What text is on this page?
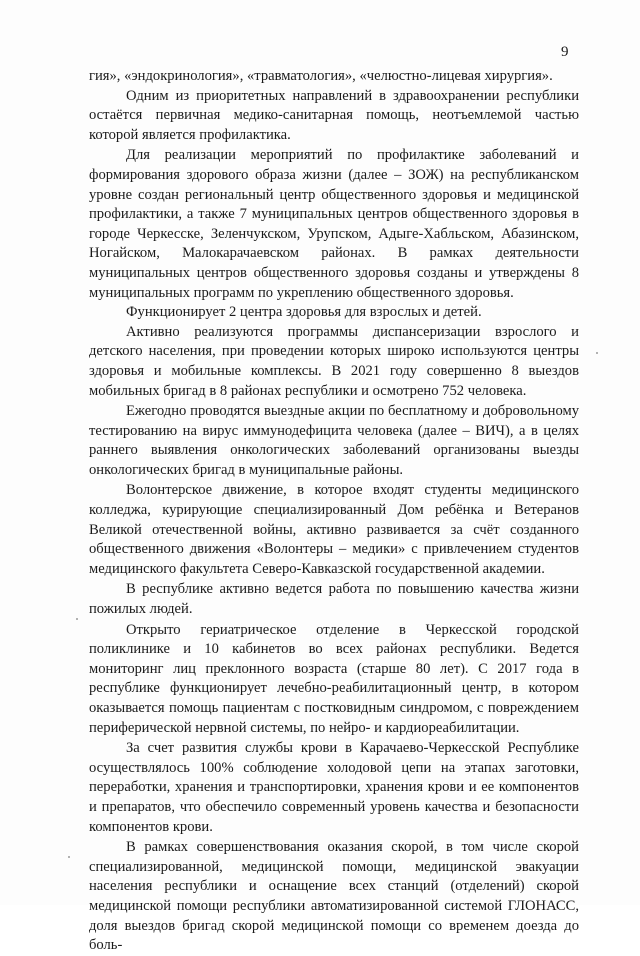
9

гия», «эндокринология», «травматология», «челюстно-лицевая хирургия».

Одним из приоритетных направлений в здравоохранении республики остаётся первичная медико-санитарная помощь, неотъемлемой частью которой является профилактика.

Для реализации мероприятий по профилактике заболеваний и формирования здорового образа жизни (далее – ЗОЖ) на республиканском уровне создан региональный центр общественного здоровья и медицинской профилактики, а также 7 муниципальных центров общественного здоровья в городе Черкесске, Зеленчукском, Урупском, Адыге-Хабльском, Абазинском, Ногайском, Малокарачаевском районах. В рамках деятельности муниципальных центров общественного здоровья созданы и утверждены 8 муниципальных программ по укреплению общественного здоровья.

Функционирует 2 центра здоровья для взрослых и детей.

Активно реализуются программы диспансеризации взрослого и детского населения, при проведении которых широко используются центры здоровья и мобильные комплексы. В 2021 году совершенно 8 выездов мобильных бригад в 8 районах республики и осмотрено 752 человека.

Ежегодно проводятся выездные акции по бесплатному и добровольному тестированию на вирус иммунодефицита человека (далее – ВИЧ), а в целях раннего выявления онкологических заболеваний организованы выезды онкологических бригад в муниципальные районы.

Волонтерское движение, в которое входят студенты медицинского колледжа, курирующие специализированный Дом ребёнка и Ветеранов Великой отечественной войны, активно развивается за счёт созданного общественного движения «Волонтеры – медики» с привлечением студентов медицинского факультета Северо-Кавказской государственной академии.

В республике активно ведется работа по повышению качества жизни пожилых людей.

Открыто гериатрическое отделение в Черкесской городской поликлинике и 10 кабинетов во всех районах республики. Ведется мониторинг лиц преклонного возраста (старше 80 лет). С 2017 года в республике функционирует лечебно-реабилитационный центр, в котором оказывается помощь пациентам с постковидным синдромом, с повреждением периферической нервной системы, по нейро- и кардиореабилитации.

За счет развития службы крови в Карачаево-Черкесской Республике осуществлялось 100% соблюдение холодовой цепи на этапах заготовки, переработки, хранения и транспортировки, хранения крови и ее компонентов и препаратов, что обеспечило современный уровень качества и безопасности компонентов крови.

В рамках совершенствования оказания скорой, в том числе скорой специализированной, медицинской помощи, медицинской эвакуации населения республики и оснащение всех станций (отделений) скорой медицинской помощи республики автоматизированной системой ГЛОНАСС, доля выездов бригад скорой медицинской помощи со временем доезда до боль-
